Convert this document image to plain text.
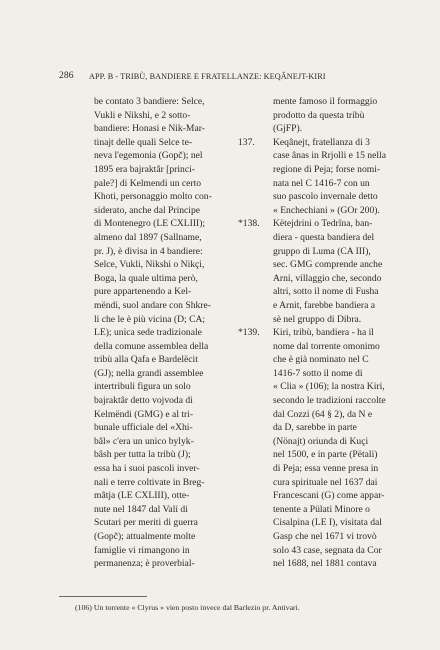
286 APP. B - TRIBÙ, BANDIERE E FRATELLANZE: KEQÂNEJT-KIRI
be contato 3 bandiere: Selce,
Vukli e Nikshi, e 2 sotto-
bandiere: Honasi e Nik-Mar-
tinajt delle quali Selce te-
neva l'egemonia (Gopč); nel
1895 era bajraktâr [princi-
pale?] di Kelmendi un certo
Khoti, personaggio molto con-
siderato, anche dal Principe
di Montenegro (LE CXLIII);
almeno dal 1897 (Sallname,
pr. J), è divisa in 4 bandiere:
Selce, Vukli, Nikshi o Nikçi,
Boga, la quale ultima però,
pure appartenendo a Kel-
mëndi, suol andare con Shkre-
li che le è più vicina (D; CA;
LE); unica sede tradizionale
della comune assemblea della
tribù alla Qafa e Bardelëcit
(GJ); nella grandi assemblee
intertribuli figura un solo
bajraktâr detto vojvoda di
Kelmëndi (GMG) e al tri-
bunale ufficiale del «Xhi-
bâl» c'era un unico bylyk-
bâsh per tutta la tribù (J);
essa ha i suoi pascoli inver-
nali e terre coltivate in Breg-
mâtja (LE CXLIII), otte-
nute nel 1847 dal Valí di
Scutari per meriti di guerra
(Gopč); attualmente molte
famiglie vi rimangono in
permanenza; è proverbial-
mente famoso il formaggio
prodotto da questa tribù
(GjFP).
137. Keqânejt, fratellanza di 3
case ânas in Rrjolli e 15 nella
regione di Peja; forse nomi-
nata nel C 1416-7 con un
suo pascolo invernale detto
« Enchechiani » (GOr 200).
*138. Këtejdrini o Tedrîna, ban-
diera - questa bandiera del
gruppo di Luma (CA III),
sec. GMG comprende anche
Arni, villaggio che, secondo
altri, sotto il nome di Fusha
e Arnit, farebbe bandiera a
sè nel gruppo di Dibra.
*139. Kiri, tribù, bandiera - ha il
nome dal torrente omonimo
che è già nominato nel C
1416-7 sotto il nome di
« Clia » (106); la nostra Kiri,
secondo le tradizioni raccolte
dal Cozzi (64 § 2), da N e
da D, sarebbe in parte
(Nönajt) oriunda di Kuçi
nel 1500, e in parte (Pëtali)
di Peja; essa venne presa in
cura spirituale nel 1637 dai
Francescani (G) come appar-
tenente a Pülati Minore o
Cisalpina (LE I), visitata dal
Gasp che nel 1671 vi trovò
solo 43 case, segnata da Cor
nel 1688, nel 1881 contava
(106) Un torrente « Clyrus » vien posto invece dal Barlezio pr. Antivari.
